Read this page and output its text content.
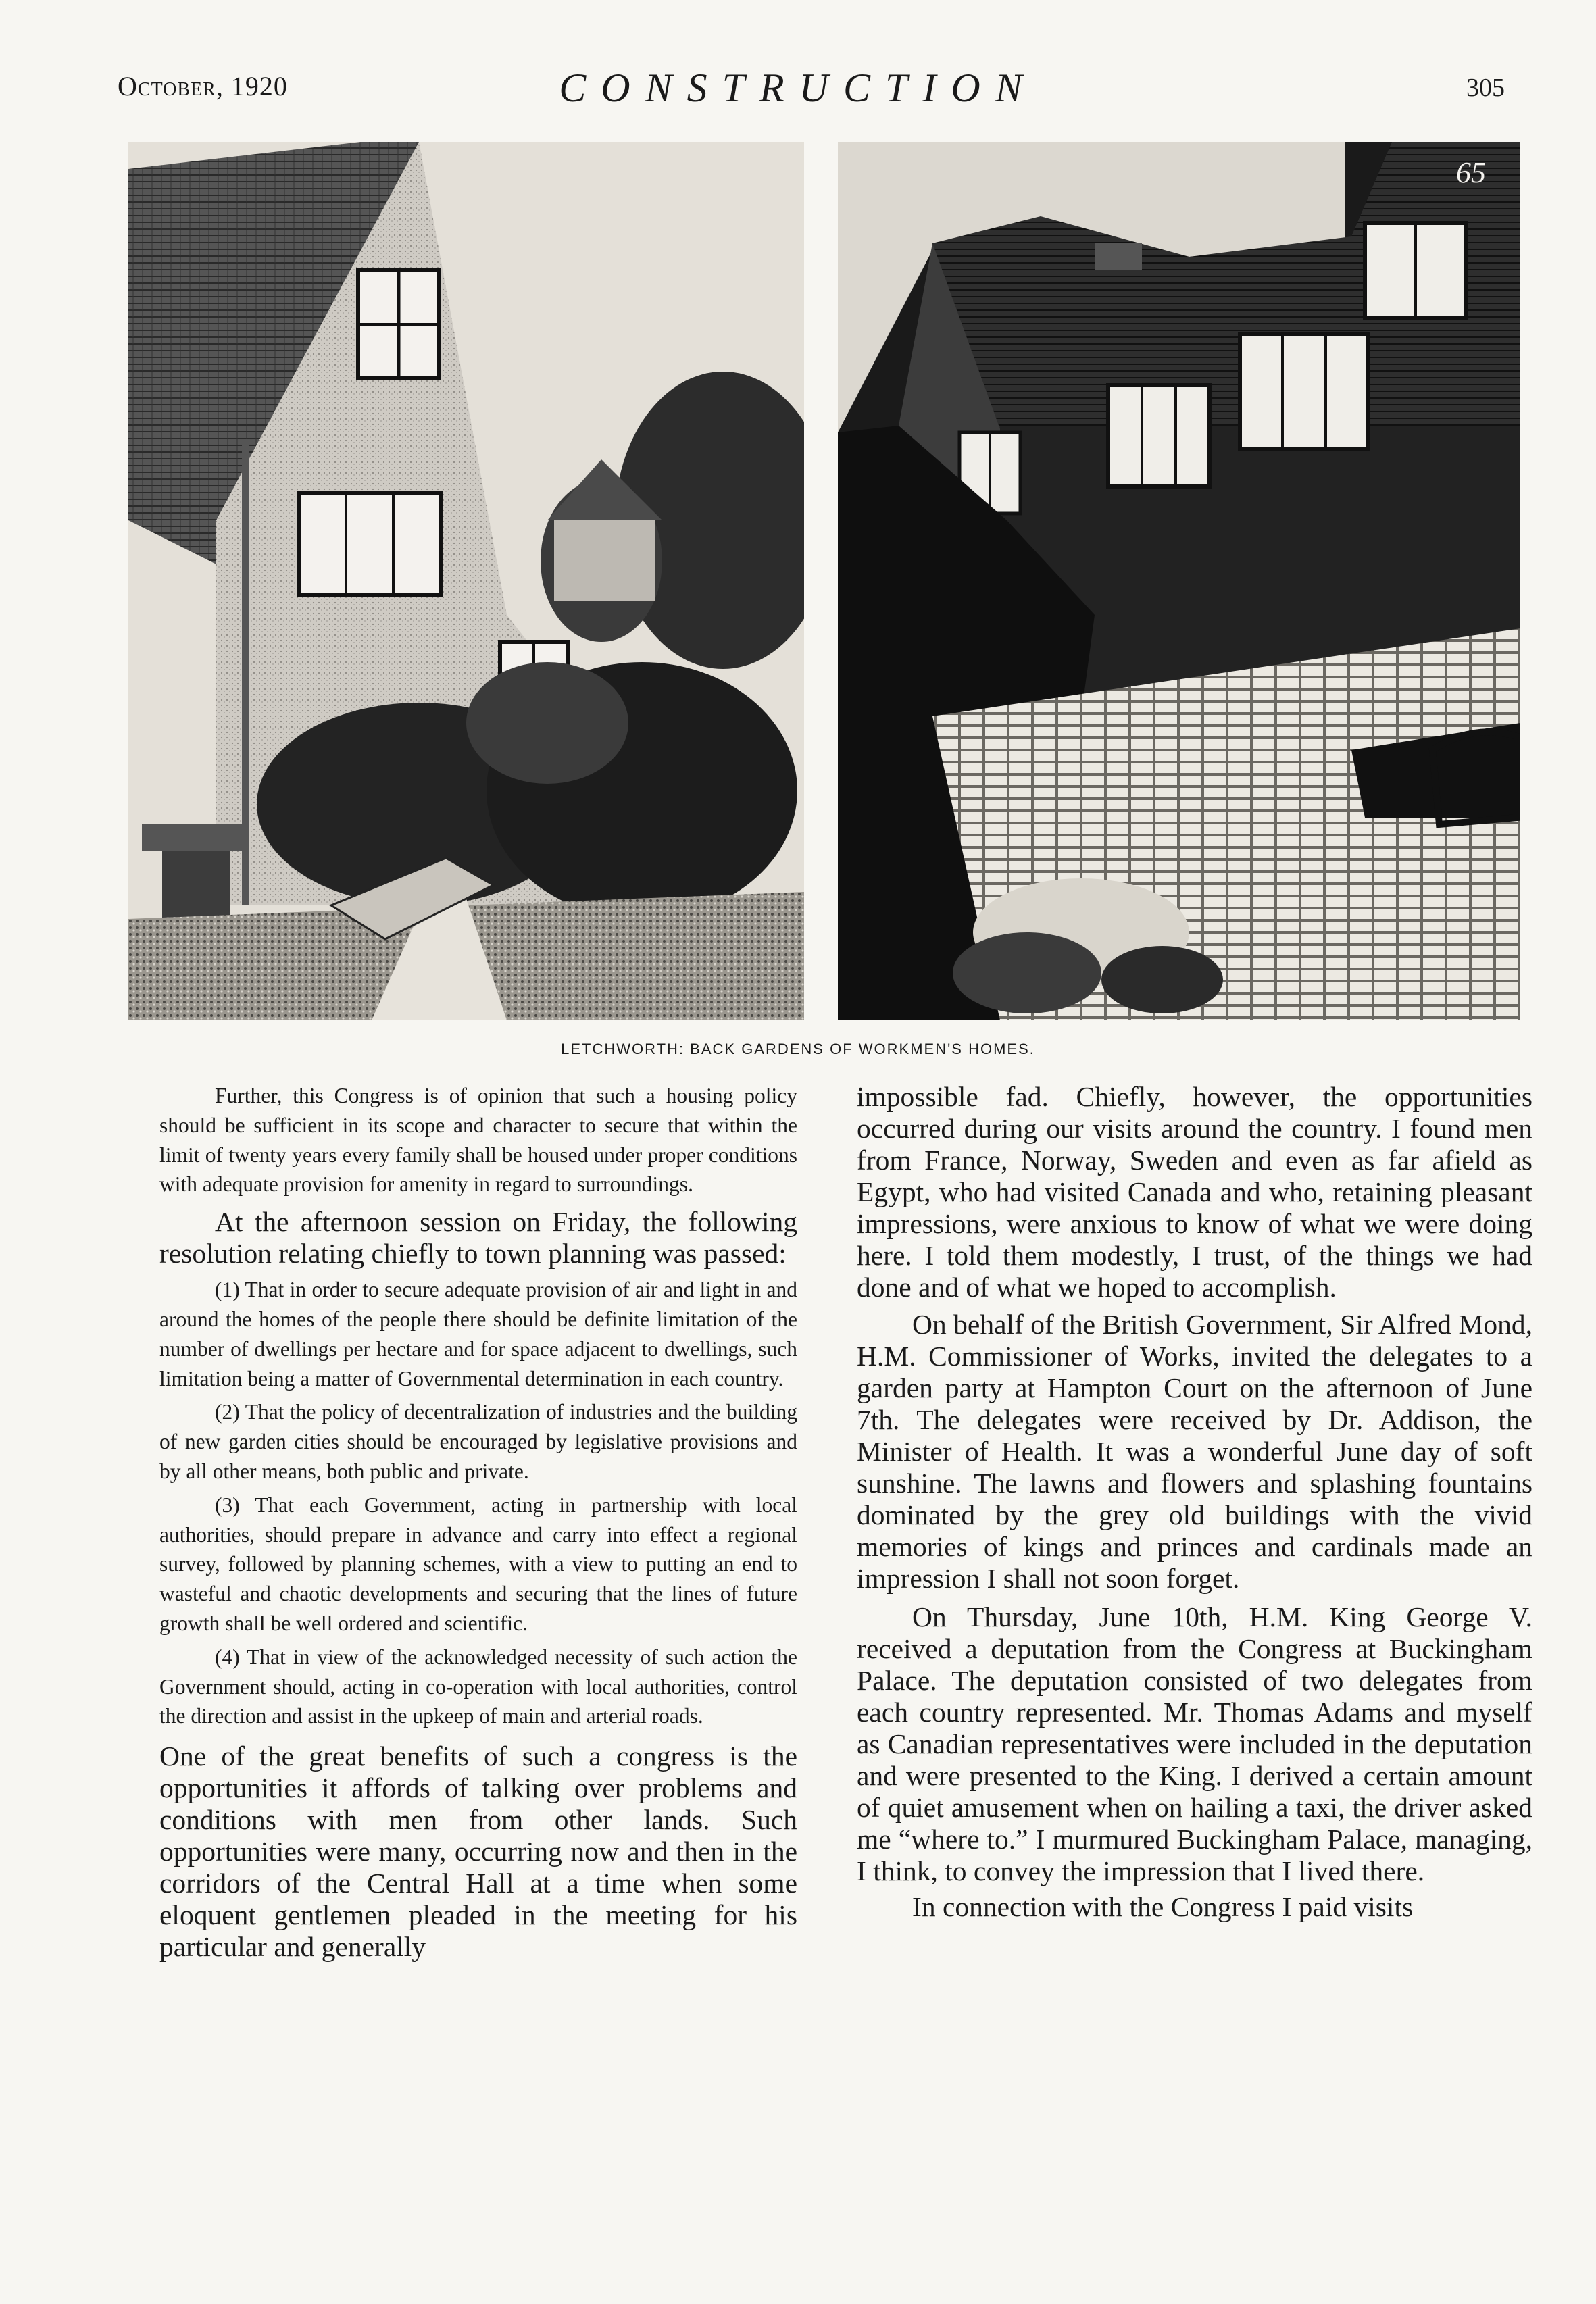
October, 1920	CONSTRUCTION	305
65
LETCHWORTH: BACK GARDENS OF WORKMEN'S HOMES.

Further, this Congress is of opinion that such a housing policy should be sufficient in its scope and character to secure that within the limit of twenty years every family shall be housed under proper conditions with adequate provision for amenity in regard to surroundings.

At the afternoon session on Friday, the following resolution relating chiefly to town planning was passed:

(1) That in order to secure adequate provision of air and light in and around the homes of the people there should be definite limitation of the number of dwellings per hectare and for space adjacent to dwellings, such limitation being a matter of Governmental determination in each country.

(2) That the policy of decentralization of industries and the building of new garden cities should be encouraged by legislative provisions and by all other means, both public and private.

(3) That each Government, acting in partnership with local authorities, should prepare in advance and carry into effect a regional survey, followed by planning schemes, with a view to putting an end to wasteful and chaotic developments and securing that the lines of future growth shall be well ordered and scientific.

(4) That in view of the acknowledged necessity of such action the Government should, acting in co-operation with local authorities, control the direction and assist in the upkeep of main and arterial roads.

One of the great benefits of such a congress is the opportunities it affords of talking over problems and conditions with men from other lands. Such opportunities were many, occurring now and then in the corridors of the Central Hall at a time when some eloquent gentlemen pleaded in the meeting for his particular and generally

impossible fad. Chiefly, however, the opportunities occurred during our visits around the country. I found men from France, Norway, Sweden and even as far afield as Egypt, who had visited Canada and who, retaining pleasant impressions, were anxious to know of what we were doing here. I told them modestly, I trust, of the things we had done and of what we hoped to accomplish.

On behalf of the British Government, Sir Alfred Mond, H.M. Commissioner of Works, invited the delegates to a garden party at Hampton Court on the afternoon of June 7th. The delegates were received by Dr. Addison, the Minister of Health. It was a wonderful June day of soft sunshine. The lawns and flowers and splashing fountains dominated by the grey old buildings with the vivid memories of kings and princes and cardinals made an impression I shall not soon forget.

On Thursday, June 10th, H.M. King George V. received a deputation from the Congress at Buckingham Palace. The deputation consisted of two delegates from each country represented. Mr. Thomas Adams and myself as Canadian representatives were included in the deputation and were presented to the King. I derived a certain amount of quiet amusement when on hailing a taxi, the driver asked me “where to.” I murmured Buckingham Palace, managing, I think, to convey the impression that I lived there.

In connection with the Congress I paid visits
